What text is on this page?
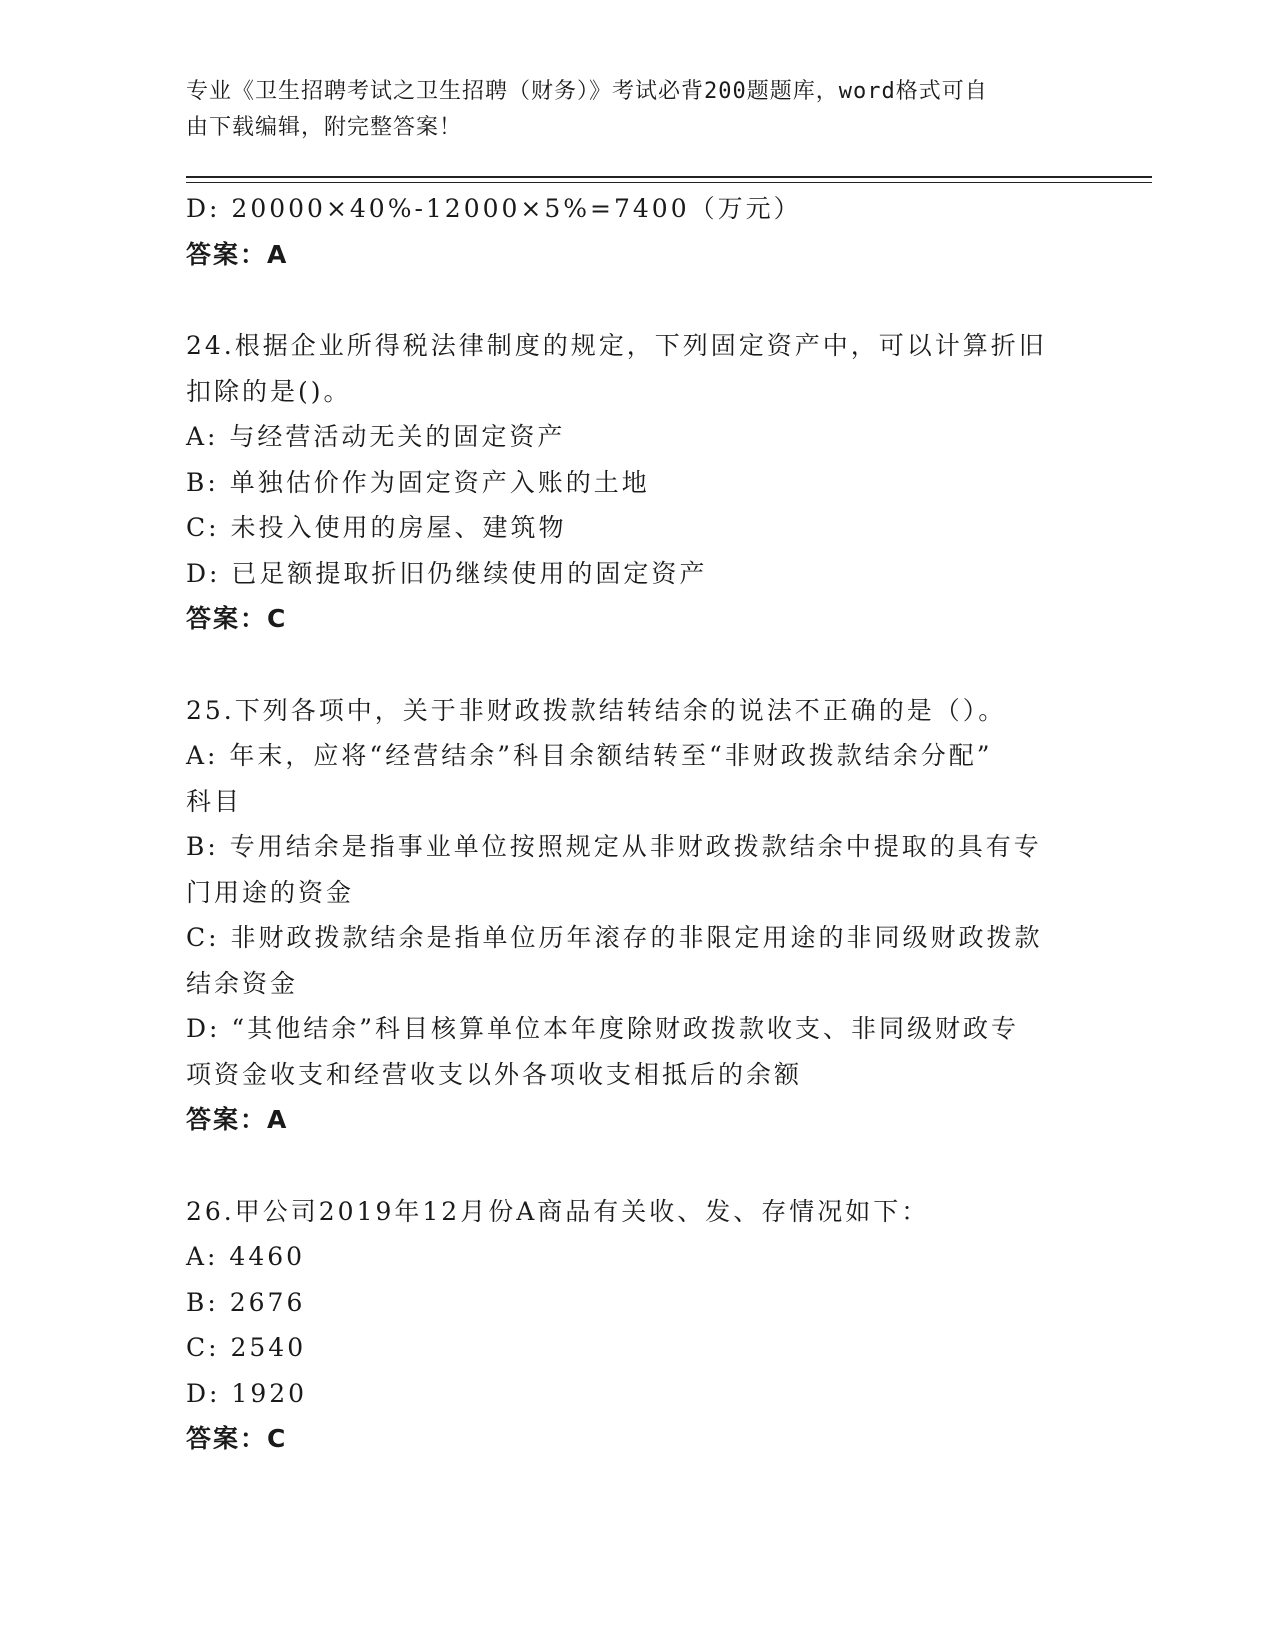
专业《卫生招聘考试之卫生招聘（财务）》考试必背200题题库，word格式可自
由下载编辑，附完整答案！

D: 20000×40%-12000×5%=7400（万元）

答案：A

24.根据企业所得税法律制度的规定，下列固定资产中，可以计算折旧

扣除的是()。

A: 与经营活动无关的固定资产

B: 单独估价作为固定资产入账的土地

C: 未投入使用的房屋、建筑物

D: 已足额提取折旧仍继续使用的固定资产

答案：C

25.下列各项中，关于非财政拨款结转结余的说法不正确的是（）。

A: 年末，应将“经营结余”科目余额结转至“非财政拨款结余分配”

科目

B: 专用结余是指事业单位按照规定从非财政拨款结余中提取的具有专

门用途的资金

C: 非财政拨款结余是指单位历年滚存的非限定用途的非同级财政拨款

结余资金

D: “其他结余”科目核算单位本年度除财政拨款收支、非同级财政专

项资金收支和经营收支以外各项收支相抵后的余额

答案：A

26.甲公司2019年12月份A商品有关收、发、存情况如下：

A: 4460

B: 2676

C: 2540

D: 1920

答案：C
